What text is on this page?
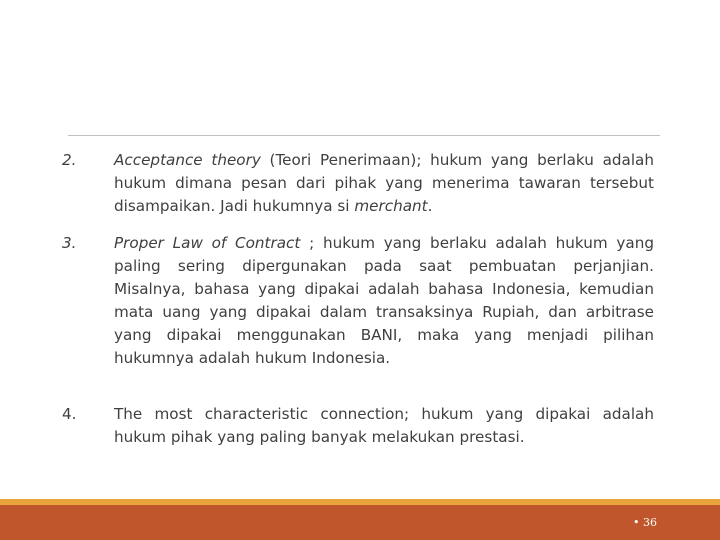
2. Acceptance theory (Teori Penerimaan); hukum yang berlaku adalah hukum dimana pesan dari pihak yang menerima tawaran tersebut disampaikan. Jadi hukumnya si merchant.
3. Proper Law of Contract ; hukum yang berlaku adalah hukum yang paling sering dipergunakan pada saat pembuatan perjanjian. Misalnya, bahasa yang dipakai adalah bahasa Indonesia, kemudian mata uang yang dipakai dalam transaksinya Rupiah, dan arbitrase yang dipakai menggunakan BANI, maka yang menjadi pilihan hukumnya adalah hukum Indonesia.
4. The most characteristic connection; hukum yang dipakai adalah hukum pihak yang paling banyak melakukan prestasi.
• 36
